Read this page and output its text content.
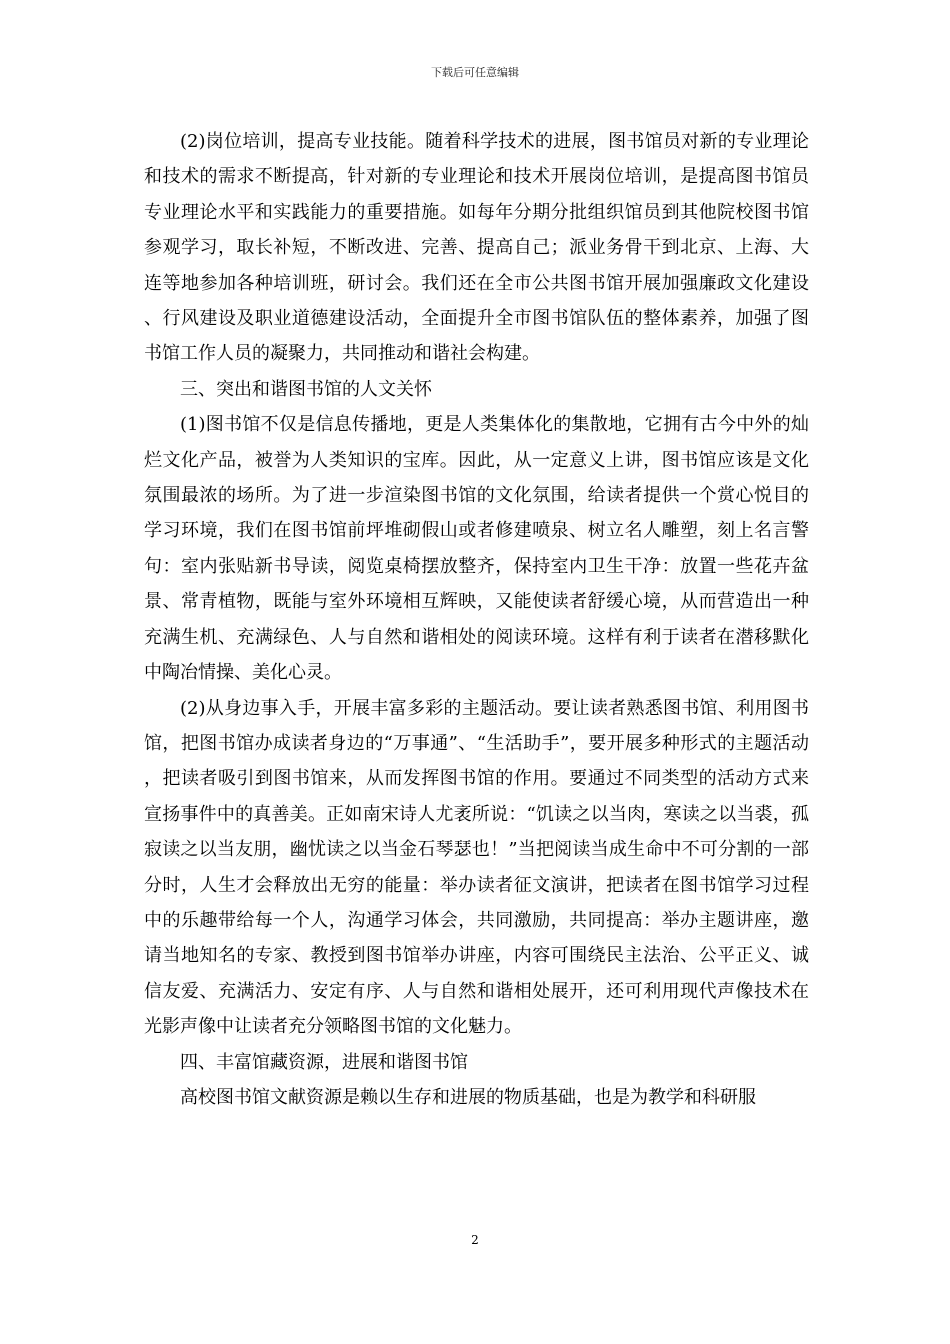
下载后可任意编辑

(2)岗位培训，提高专业技能。随着科学技术的进展，图书馆员对新的专业理论和技术的需求不断提高，针对新的专业理论和技术开展岗位培训，是提高图书馆员专业理论水平和实践能力的重要措施。如每年分期分批组织馆员到其他院校图书馆参观学习，取长补短，不断改进、完善、提高自己；派业务骨干到北京、上海、大连等地参加各种培训班，研讨会。我们还在全市公共图书馆开展加强廉政文化建设、行风建设及职业道德建设活动，全面提升全市图书馆队伍的整体素养，加强了图书馆工作人员的凝聚力，共同推动和谐社会构建。

三、突出和谐图书馆的人文关怀

(1)图书馆不仅是信息传播地，更是人类集体化的集散地，它拥有古今中外的灿烂文化产品，被誉为人类知识的宝库。因此，从一定意义上讲，图书馆应该是文化氛围最浓的场所。为了进一步渲染图书馆的文化氛围，给读者提供一个赏心悦目的学习环境，我们在图书馆前坪堆砌假山或者修建喷泉、树立名人雕塑，刻上名言警句：室内张贴新书导读，阅览桌椅摆放整齐，保持室内卫生干净：放置一些花卉盆景、常青植物，既能与室外环境相互辉映，又能使读者舒缓心境，从而营造出一种充满生机、充满绿色、人与自然和谐相处的阅读环境。这样有利于读者在潜移默化中陶冶情操、美化心灵。

(2)从身边事入手，开展丰富多彩的主题活动。要让读者熟悉图书馆、利用图书馆，把图书馆办成读者身边的“万事通”、“生活助手”，要开展多种形式的主题活动，把读者吸引到图书馆来，从而发挥图书馆的作用。要通过不同类型的活动方式来宣扬事件中的真善美。正如南宋诗人尤袤所说：“饥读之以当肉，寒读之以当裘，孤寂读之以当友朋，幽忧读之以当金石琴瑟也！”当把阅读当成生命中不可分割的一部分时，人生才会释放出无穷的能量：举办读者征文演讲，把读者在图书馆学习过程中的乐趣带给每一个人，沟通学习体会，共同激励，共同提高：举办主题讲座，邀请当地知名的专家、教授到图书馆举办讲座，内容可围绕民主法治、公平正义、诚信友爱、充满活力、安定有序、人与自然和谐相处展开，还可利用现代声像技术在光影声像中让读者充分领略图书馆的文化魅力。

四、丰富馆藏资源，进展和谐图书馆

高校图书馆文献资源是赖以生存和进展的物质基础，也是为教学和科研服

2
